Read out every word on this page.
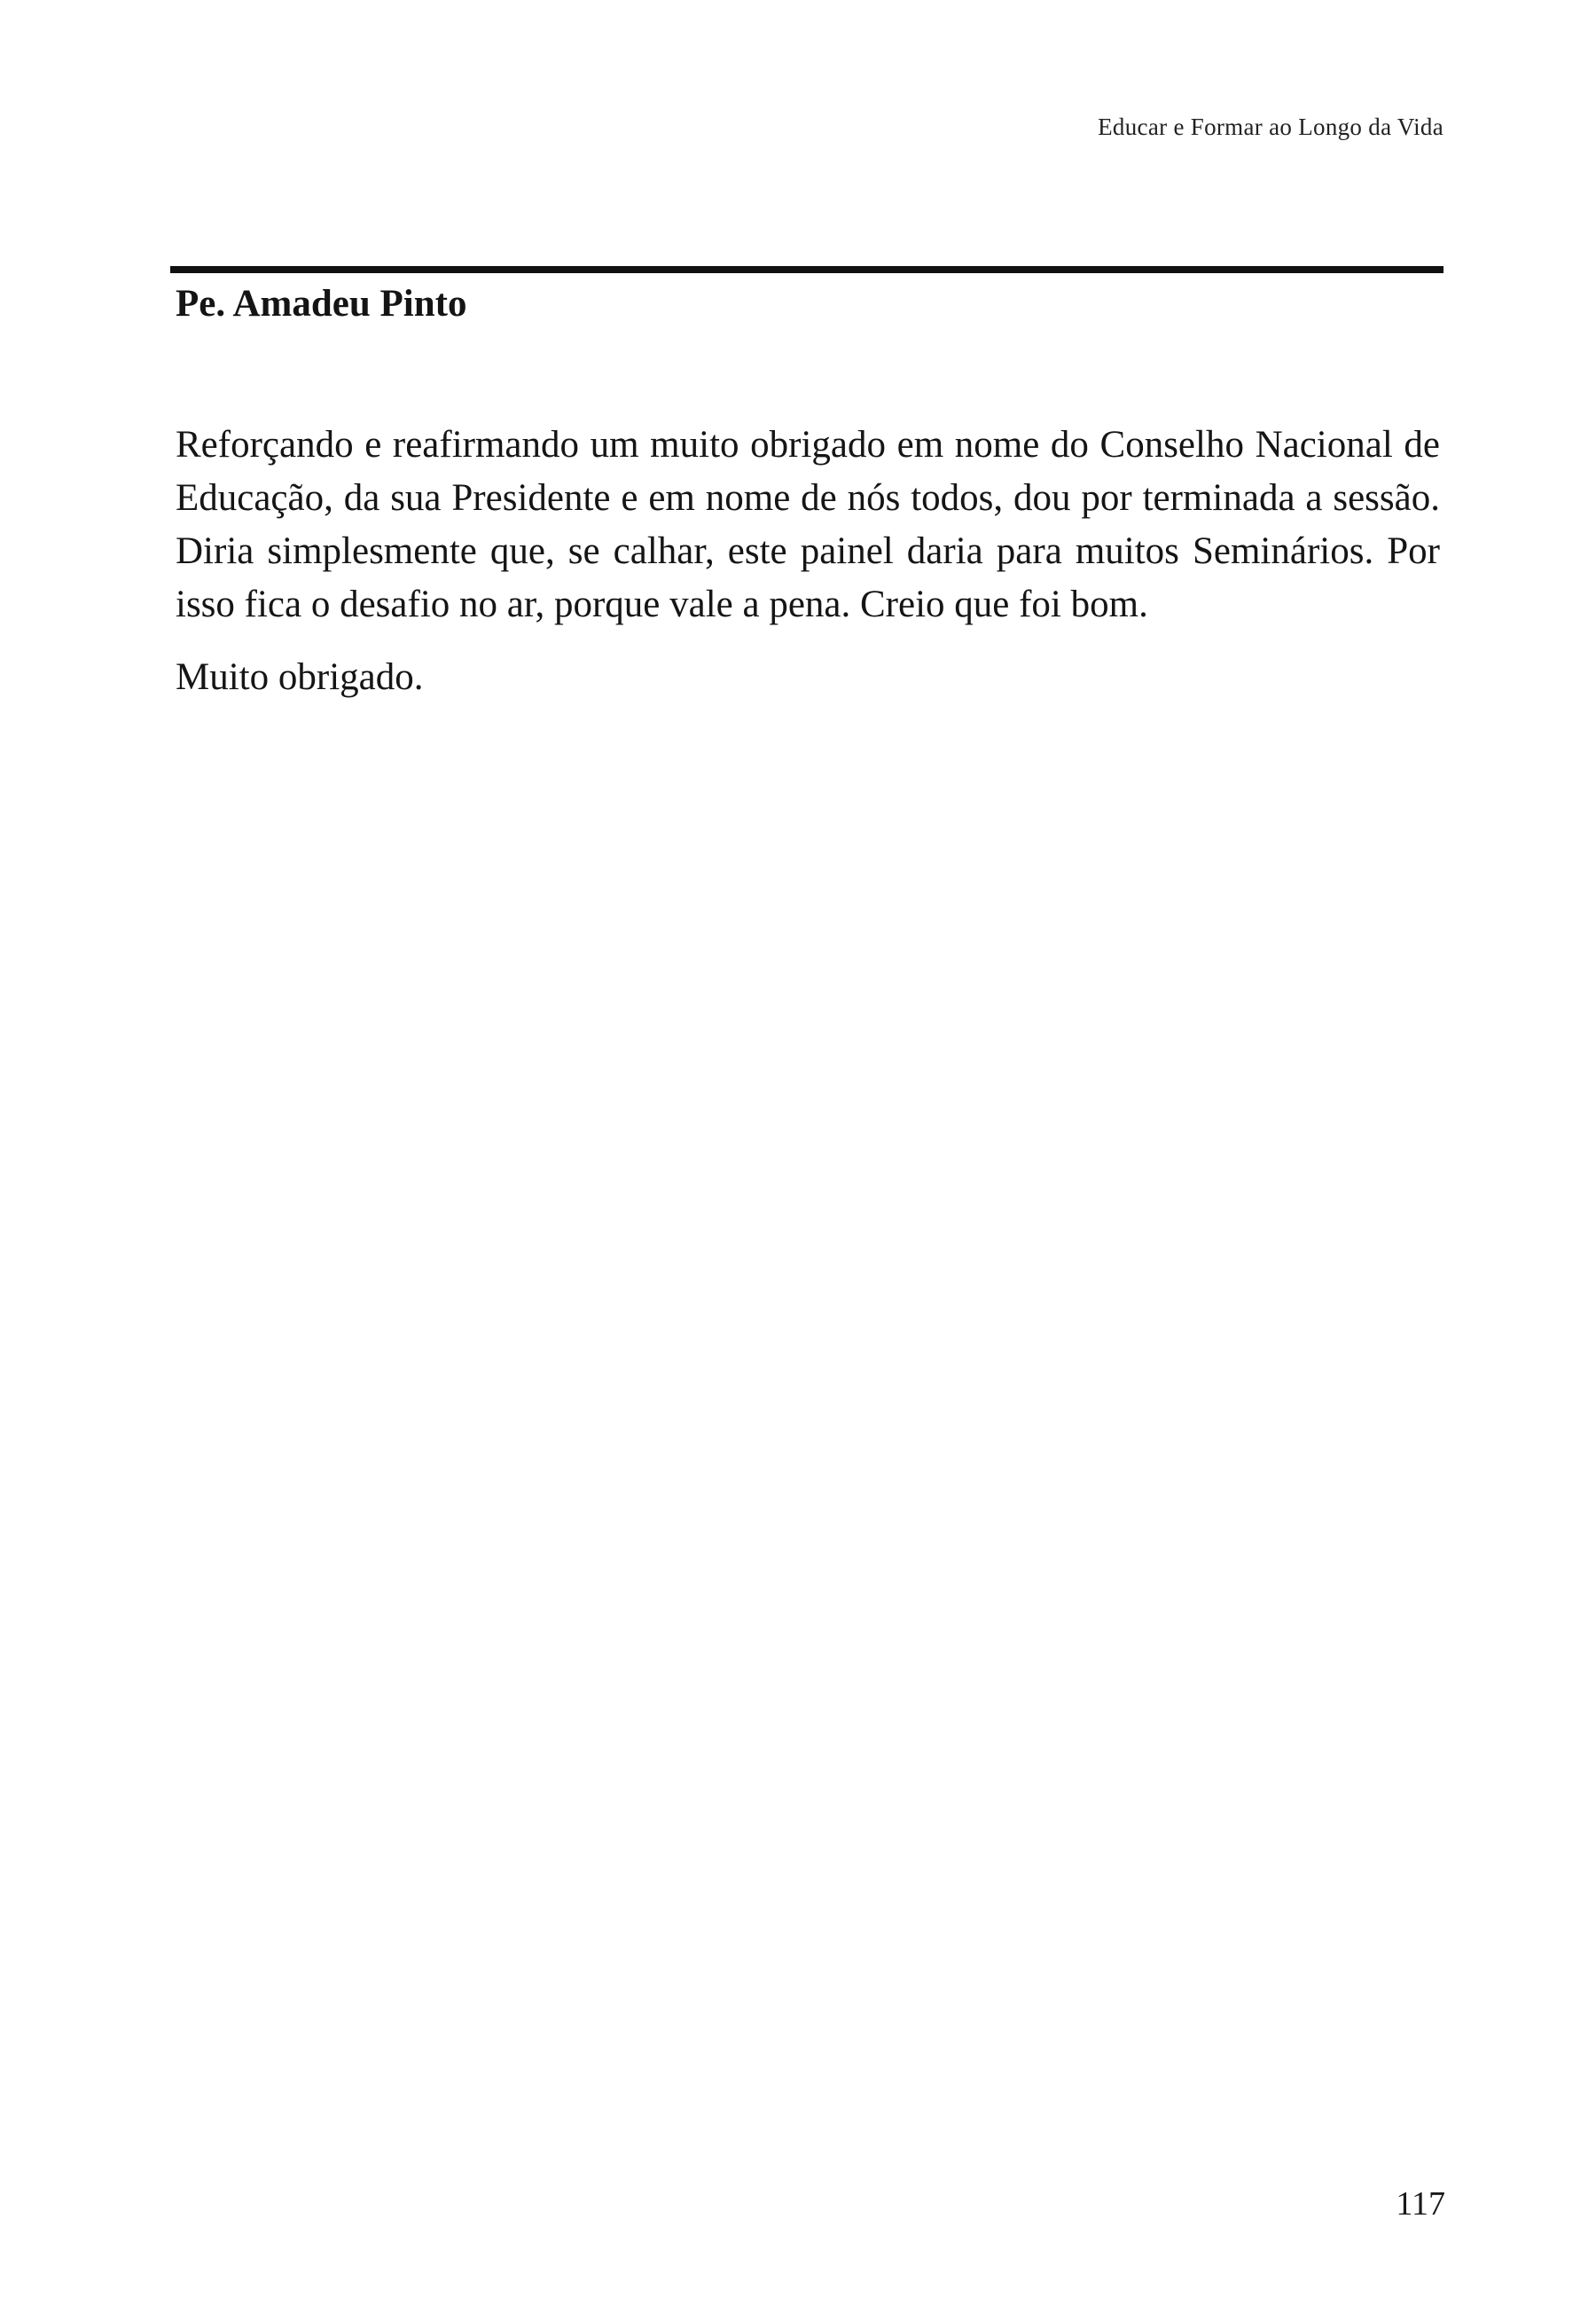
Educar e Formar ao Longo da Vida
Pe. Amadeu Pinto

Reforçando e reafirmando um muito obrigado em nome do Conselho Nacional de Educação, da sua Presidente e em nome de nós todos, dou por terminada a sessão. Diria simplesmente que, se calhar, este painel daria para muitos Seminários. Por isso fica o desafio no ar, porque vale a pena. Creio que foi bom.

Muito obrigado.

117
